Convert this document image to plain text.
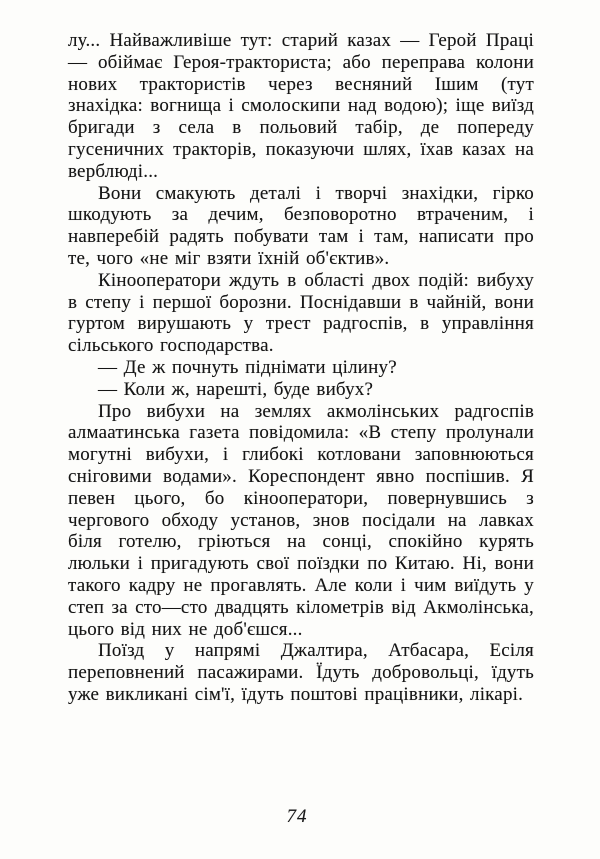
лу... Найважливіше тут: старий казах — Герой Праці — обіймає Героя-тракториста; або переправа колони нових трактористів через весняний Ішим (тут знахідка: вогнища і смолоскипи над водою); іще виїзд бригади з села в польовий табір, де попереду гусеничних тракторів, показуючи шлях, їхав казах на верблюді...

Вони смакують деталі і творчі знахідки, гірко шкодують за дечим, безповоротно втраченим, і навперебій радять побувати там і там, написати про те, чого «не міг взяти їхній об'єктив».

Кінооператори ждуть в області двох подій: вибуху в степу і першої борозни. Поснідавши в чайній, вони гуртом вирушають у трест радгоспів, в управління сільського господарства.

— Де ж почнуть піднімати цілину?

— Коли ж, нарешті, буде вибух?

Про вибухи на землях акмолінських радгоспів алмаатинська газета повідомила: «В степу пролунали могутні вибухи, і глибокі котловани заповнюються сніговими водами». Кореспондент явно поспішив. Я певен цього, бо кінооператори, повернувшись з чергового обходу установ, знов посідали на лавках біля готелю, гріються на сонці, спокійно курять люльки і пригадують свої поїздки по Китаю. Ні, вони такого кадру не прогавлять. Але коли і чим виїдуть у степ за сто—сто двадцять кілометрів від Акмолінська, цього від них не доб'єшся...

Поїзд у напрямі Джалтира, Атбасара, Есіля переповнений пасажирами. Їдуть добровольці, їдуть уже викликані сім'ї, їдуть поштові працівники, лікарі.

74
